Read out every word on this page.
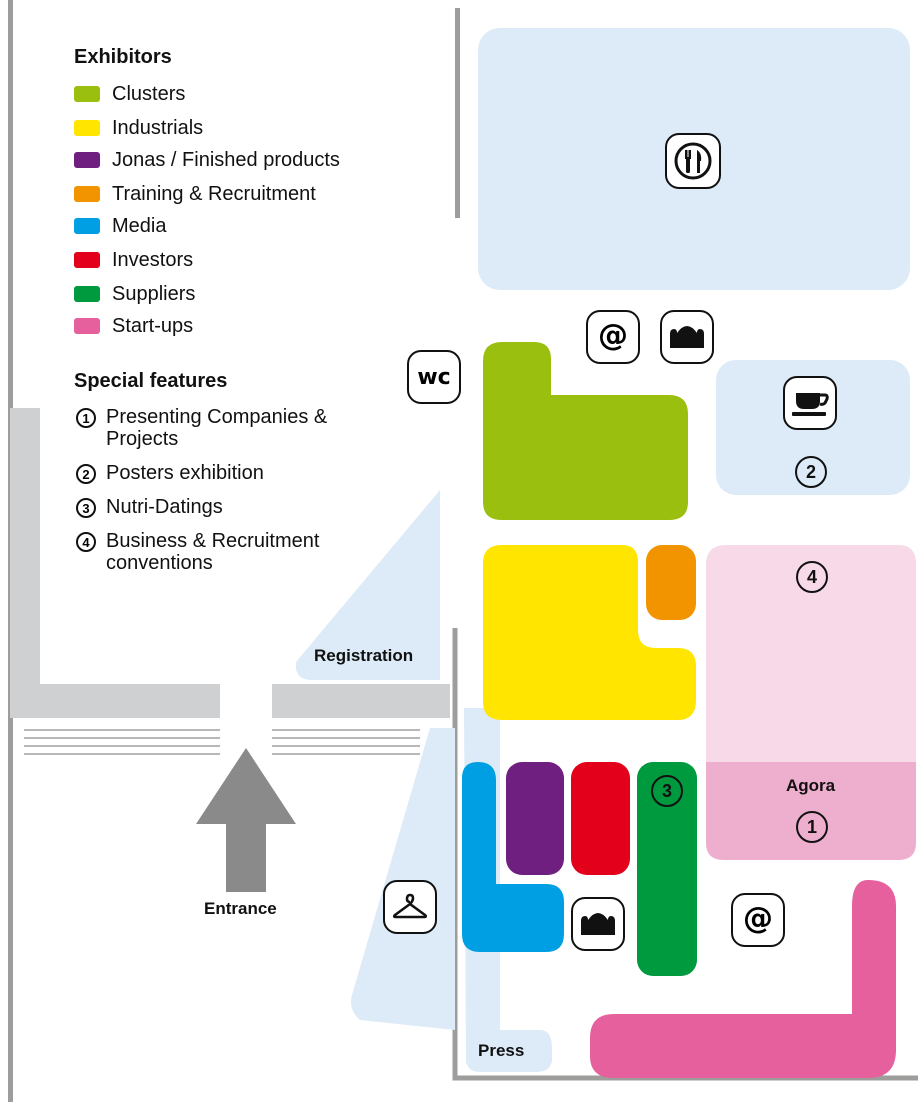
Exhibitors
Clusters
Industrials
Jonas / Finished products
Training & Recruitment
Media
Investors
Suppliers
Start-ups
Special features
1 Presenting Companies & Projects
2 Posters exhibition
3 Nutri-Datings
4 Business & Recruitment conventions
Registration
Entrance
Agora
Press
2
4
3
1
wc
@
@
